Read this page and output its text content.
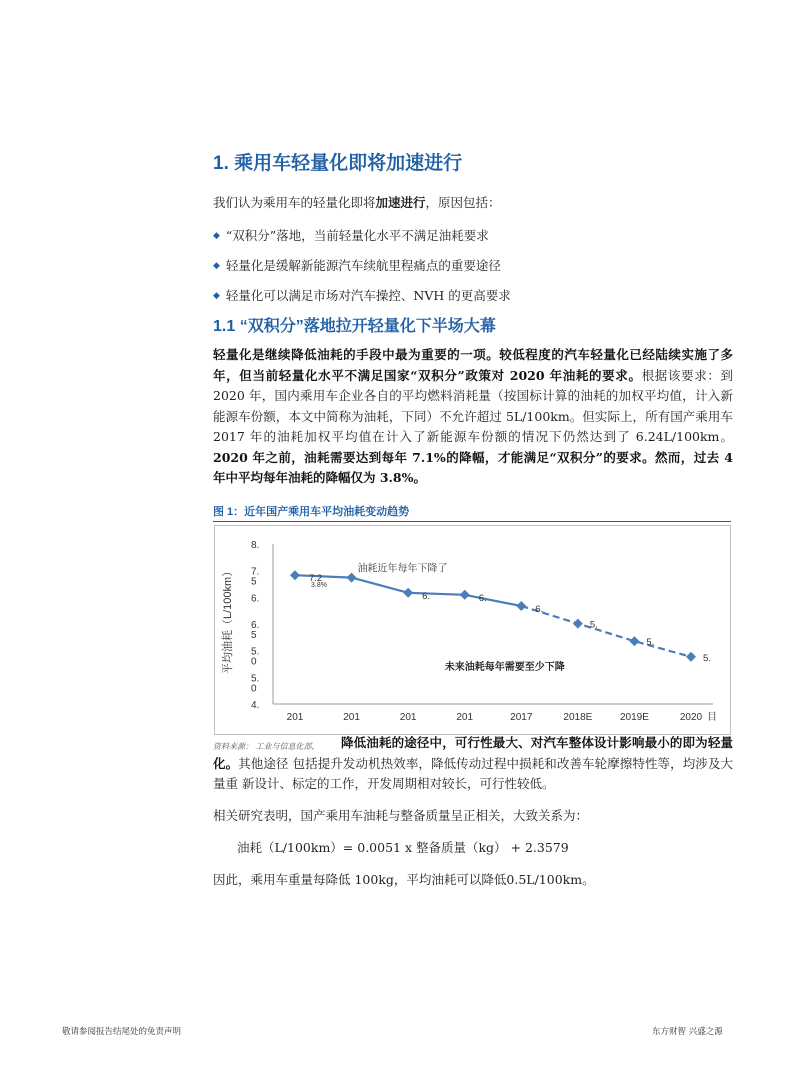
1. 乘用车轻量化即将加速进行
我们认为乘用车的轻量化即将加速进行，原因包括：
◆ “双积分”落地，当前轻量化水平不满足油耗要求
◆ 轻量化是缓解新能源汽车续航里程痛点的重要途径
◆ 轻量化可以满足市场对汽车操控、NVH 的更高要求
1.1 “双积分”落地拉开轻量化下半场大幕
轻量化是继续降低油耗的手段中最为重要的一项。较低程度的汽车轻量化已经陆续实施了多年，但当前轻量化水平不满足国家“双积分”政策对 2020 年油耗的要求。根据该要求：到 2020 年，国内乘用车企业各自的平均燃料消耗量（按国标计算的油耗的加权平均值，计入新能源车份额，本文中简称为油耗，下同）不允许超过 5L/100km。但实际上，所有国产乘用车 2017 年的油耗加权平均值在计入了新能源车份额的情况下仍然达到了 6.24L/100km。2020 年之前，油耗需要达到每年 7.1%的降幅，才能满足“双积分”的要求。然而，过去 4 年中平均每年油耗的降幅仅为 3.8%。
图 1：近年国产乘用车平均油耗变动趋势
8.
7. 5
6.
6. 5
5. 0
5. 0
4.
平均油耗（L/100km）
201	201	201	201	2017	2018E	2019E	2020 目
7.2
6.	6.
6.
5.
5.
5.
油耗近年每年下降了
3.8%
未来油耗每年需要至少下降
降低油耗的途径中，可行性最大、对汽车整体设计影响最小的即为轻量化。其他途径 包括提升发动机热效率，降低传动过程中损耗和改善车轮摩擦特性等，均涉及大量重 新设计、标定的工作，开发周期相对较长，可行性较低。
资料来源： 工业与信息化部，
相关研究表明，国产乘用车油耗与整备质量呈正相关，大致关系为：
油耗（L/100km）= 0.0051 x 整备质量（kg） + 2.3579
因此，乘用车重量每降低 100kg，平均油耗可以降低0.5L/100km。
敬请参阅报告结尾处的免责声明	东方财智 兴盛之源
